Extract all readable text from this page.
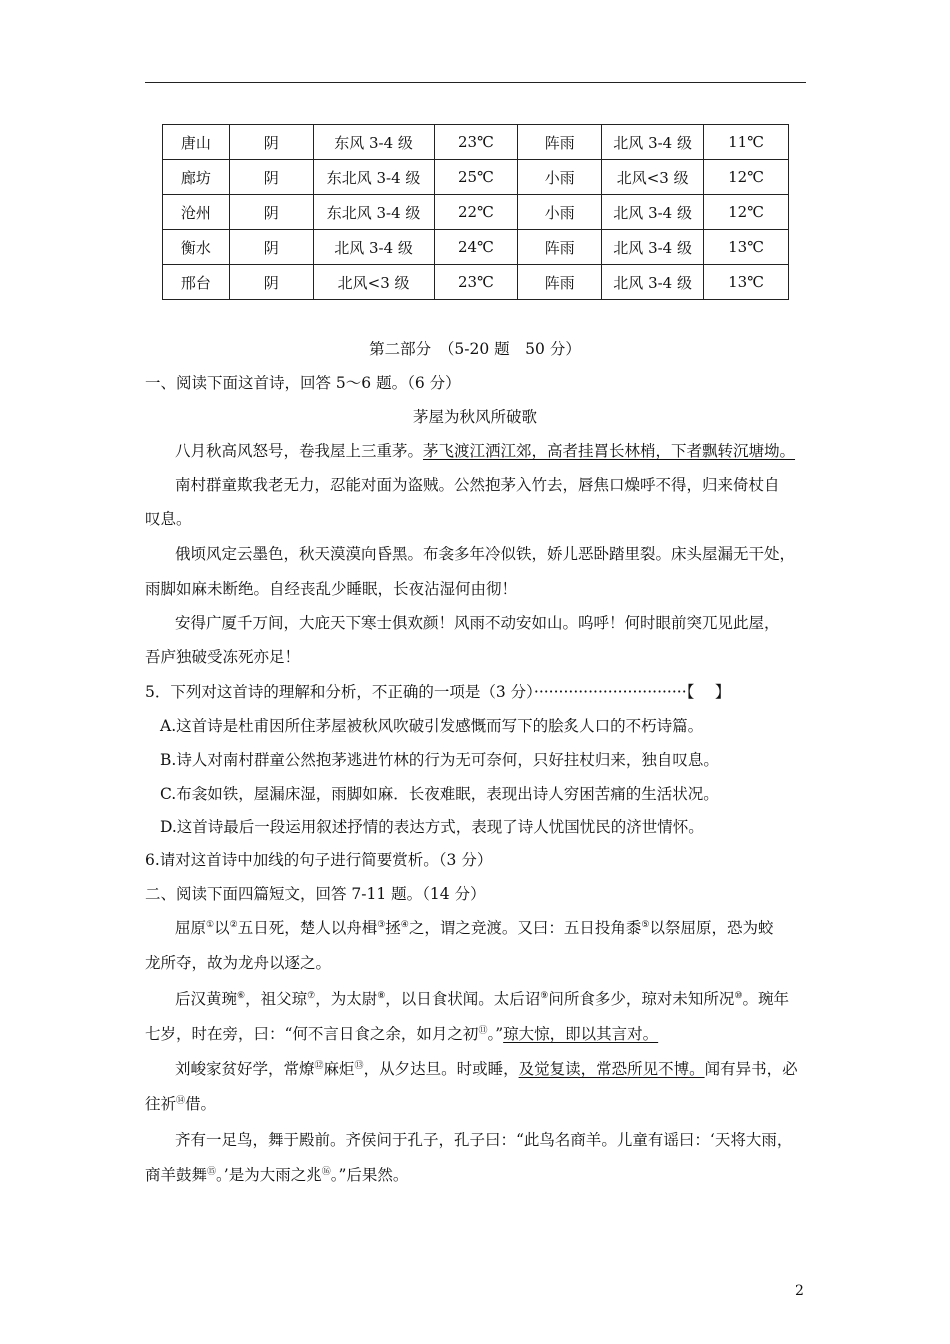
唐山	阴	东风 3-4 级	23℃	阵雨	北风 3-4 级	11℃
廊坊	阴	东北风 3-4 级	25℃	小雨	北风<3 级	12℃
沧州	阴	东北风 3-4 级	22℃	小雨	北风 3-4 级	12℃
衡水	阴	北风 3-4 级	24℃	阵雨	北风 3-4 级	13℃
邢台	阴	北风<3 级	23℃	阵雨	北风 3-4 级	13℃
第二部分　（5-20 题　50 分）
一、阅读下面这首诗，回答 5～6 题。（6 分）
茅屋为秋风所破歌
八月秋高风怒号，卷我屋上三重茅。茅飞渡江洒江郊，高者挂罥长林梢，下者飘转沉塘坳。
南村群童欺我老无力，忍能对面为盗贼。公然抱茅入竹去，唇焦口燥呼不得，归来倚杖自
叹息。
俄顷风定云墨色，秋天漠漠向昏黑。布衾多年冷似铁，娇儿恶卧踏里裂。床头屋漏无干处，
雨脚如麻未断绝。自经丧乱少睡眠，长夜沾湿何由彻！
安得广厦千万间，大庇天下寒士俱欢颜！风雨不动安如山。呜呼！何时眼前突兀见此屋，
吾庐独破受冻死亦足！
5．下列对这首诗的理解和分析，不正确的一项是（3 分）·······························【　 】
A.这首诗是杜甫因所住茅屋被秋风吹破引发感慨而写下的脍炙人口的不朽诗篇。
B.诗人对南村群童公然抱茅逃进竹林的行为无可奈何，只好拄杖归来，独自叹息。
C.布衾如铁，屋漏床湿，雨脚如麻．长夜难眠，表现出诗人穷困苦痛的生活状况。
D.这首诗最后一段运用叙述抒情的表达方式，表现了诗人忧国忧民的济世情怀。
6.请对这首诗中加线的句子进行简要赏析。（3 分）
二、阅读下面四篇短文，回答 7-11 题。（14 分）
屈原①以②五日死，楚人以舟楫③拯④之，谓之竞渡。又曰：五日投角黍⑤以祭屈原，恐为蛟
龙所夺，故为龙舟以逐之。
后汉黄琬⑥，祖父琼⑦，为太尉⑧，以日食状闻。太后诏⑨问所食多少，琼对未知所况⑩。琬年
七岁，时在旁，曰：“何不言日食之余，如月之初⑪。”琼大惊，即以其言对。
刘峻家贫好学，常燎⑫麻炬⑬，从夕达旦。时或睡，及觉复读，常恐所见不博。闻有异书，必
往祈⑭借。
齐有一足鸟，舞于殿前。齐侯问于孔子，孔子曰：“此鸟名商羊。儿童有谣曰：‘天将大雨，
商羊鼓舞⑮。’是为大雨之兆⑯。”后果然。
2
